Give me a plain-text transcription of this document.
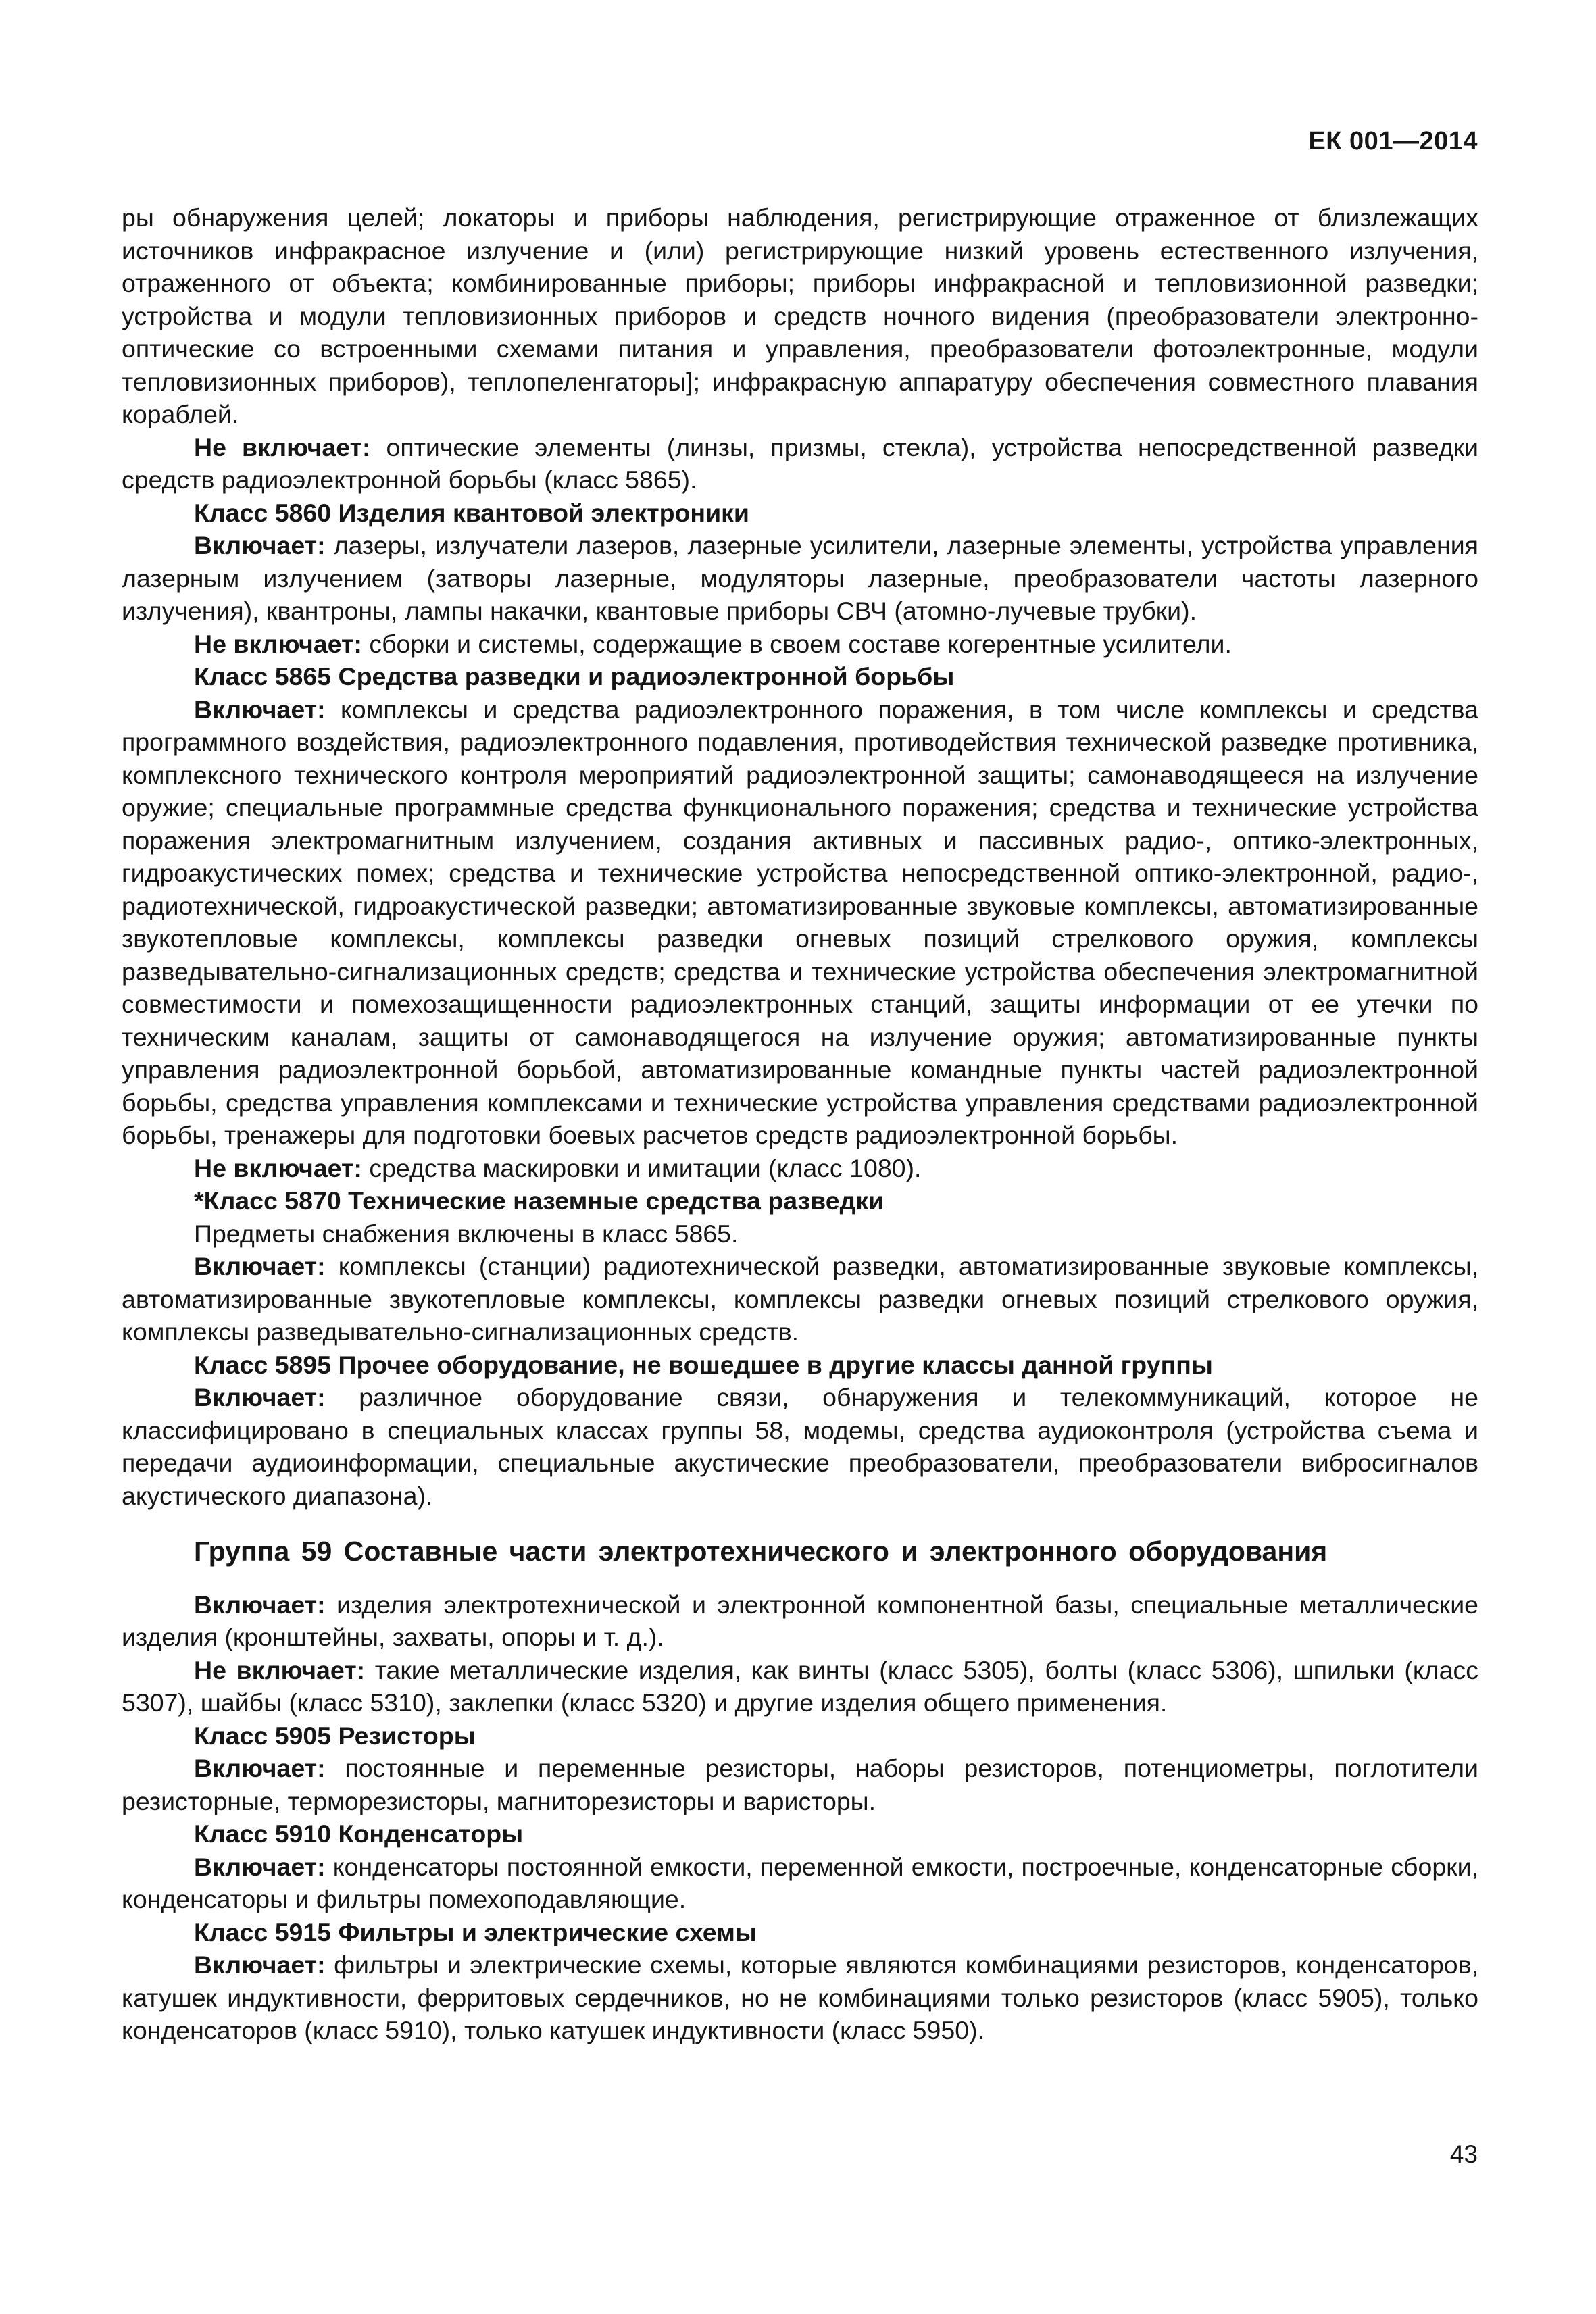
ЕК 001—2014

ры обнаружения целей; локаторы и приборы наблюдения, регистрирующие отраженное от близлежащих источников инфракрасное излучение и (или) регистрирующие низкий уровень естественного излучения, отраженного от объекта; комбинированные приборы; приборы инфракрасной и тепловизионной разведки; устройства и модули тепловизионных приборов и средств ночного видения (преобразователи электронно-оптические со встроенными схемами питания и управления, преобразователи фотоэлектронные, модули тепловизионных приборов), теплопеленгаторы]; инфракрасную аппаратуру обеспечения совместного плавания кораблей.

Не включает: оптические элементы (линзы, призмы, стекла), устройства непосредственной разведки средств радиоэлектронной борьбы (класс 5865).

Класс 5860 Изделия квантовой электроники

Включает: лазеры, излучатели лазеров, лазерные усилители, лазерные элементы, устройства управления лазерным излучением (затворы лазерные, модуляторы лазерные, преобразователи частоты лазерного излучения), квантроны, лампы накачки, квантовые приборы СВЧ (атомно-лучевые трубки).

Не включает: сборки и системы, содержащие в своем составе когерентные усилители.

Класс 5865 Средства разведки и радиоэлектронной борьбы

Включает: комплексы и средства радиоэлектронного поражения, в том числе комплексы и средства программного воздействия, радиоэлектронного подавления, противодействия технической разведке противника, комплексного технического контроля мероприятий радиоэлектронной защиты; самонаводящееся на излучение оружие; специальные программные средства функционального поражения; средства и технические устройства поражения электромагнитным излучением, создания активных и пассивных радио-, оптико-электронных, гидроакустических помех; средства и технические устройства непосредственной оптико-электронной, радио-, радиотехнической, гидроакустической разведки; автоматизированные звуковые комплексы, автоматизированные звукотепловые комплексы, комплексы разведки огневых позиций стрелкового оружия, комплексы разведывательно-сигнализационных средств; средства и технические устройства обеспечения электромагнитной совместимости и помехозащищенности радиоэлектронных станций, защиты информации от ее утечки по техническим каналам, защиты от самонаводящегося на излучение оружия; автоматизированные пункты управления радиоэлектронной борьбой, автоматизированные командные пункты частей радиоэлектронной борьбы, средства управления комплексами и технические устройства управления средствами радиоэлектронной борьбы, тренажеры для подготовки боевых расчетов средств радиоэлектронной борьбы.

Не включает: средства маскировки и имитации (класс 1080).

*Класс 5870 Технические наземные средства разведки

Предметы снабжения включены в класс 5865.

Включает: комплексы (станции) радиотехнической разведки, автоматизированные звуковые комплексы, автоматизированные звукотепловые комплексы, комплексы разведки огневых позиций стрелкового оружия, комплексы разведывательно-сигнализационных средств.

Класс 5895 Прочее оборудование, не вошедшее в другие классы данной группы

Включает: различное оборудование связи, обнаружения и телекоммуникаций, которое не классифицировано в специальных классах группы 58, модемы, средства аудиоконтроля (устройства съема и передачи аудиоинформации, специальные акустические преобразователи, преобразователи вибросигналов акустического диапазона).

Группа 59 Составные части электротехнического и электронного оборудования

Включает: изделия электротехнической и электронной компонентной базы, специальные металлические изделия (кронштейны, захваты, опоры и т. д.).

Не включает: такие металлические изделия, как винты (класс 5305), болты (класс 5306), шпильки (класс 5307), шайбы (класс 5310), заклепки (класс 5320) и другие изделия общего применения.

Класс 5905 Резисторы

Включает: постоянные и переменные резисторы, наборы резисторов, потенциометры, поглотители резисторные, терморезисторы, магниторезисторы и варисторы.

Класс 5910 Конденсаторы

Включает: конденсаторы постоянной емкости, переменной емкости, построечные, конденсаторные сборки, конденсаторы и фильтры помехоподавляющие.

Класс 5915 Фильтры и электрические схемы

Включает: фильтры и электрические схемы, которые являются комбинациями резисторов, конденсаторов, катушек индуктивности, ферритовых сердечников, но не комбинациями только резисторов (класс 5905), только конденсаторов (класс 5910), только катушек индуктивности (класс 5950).

43
